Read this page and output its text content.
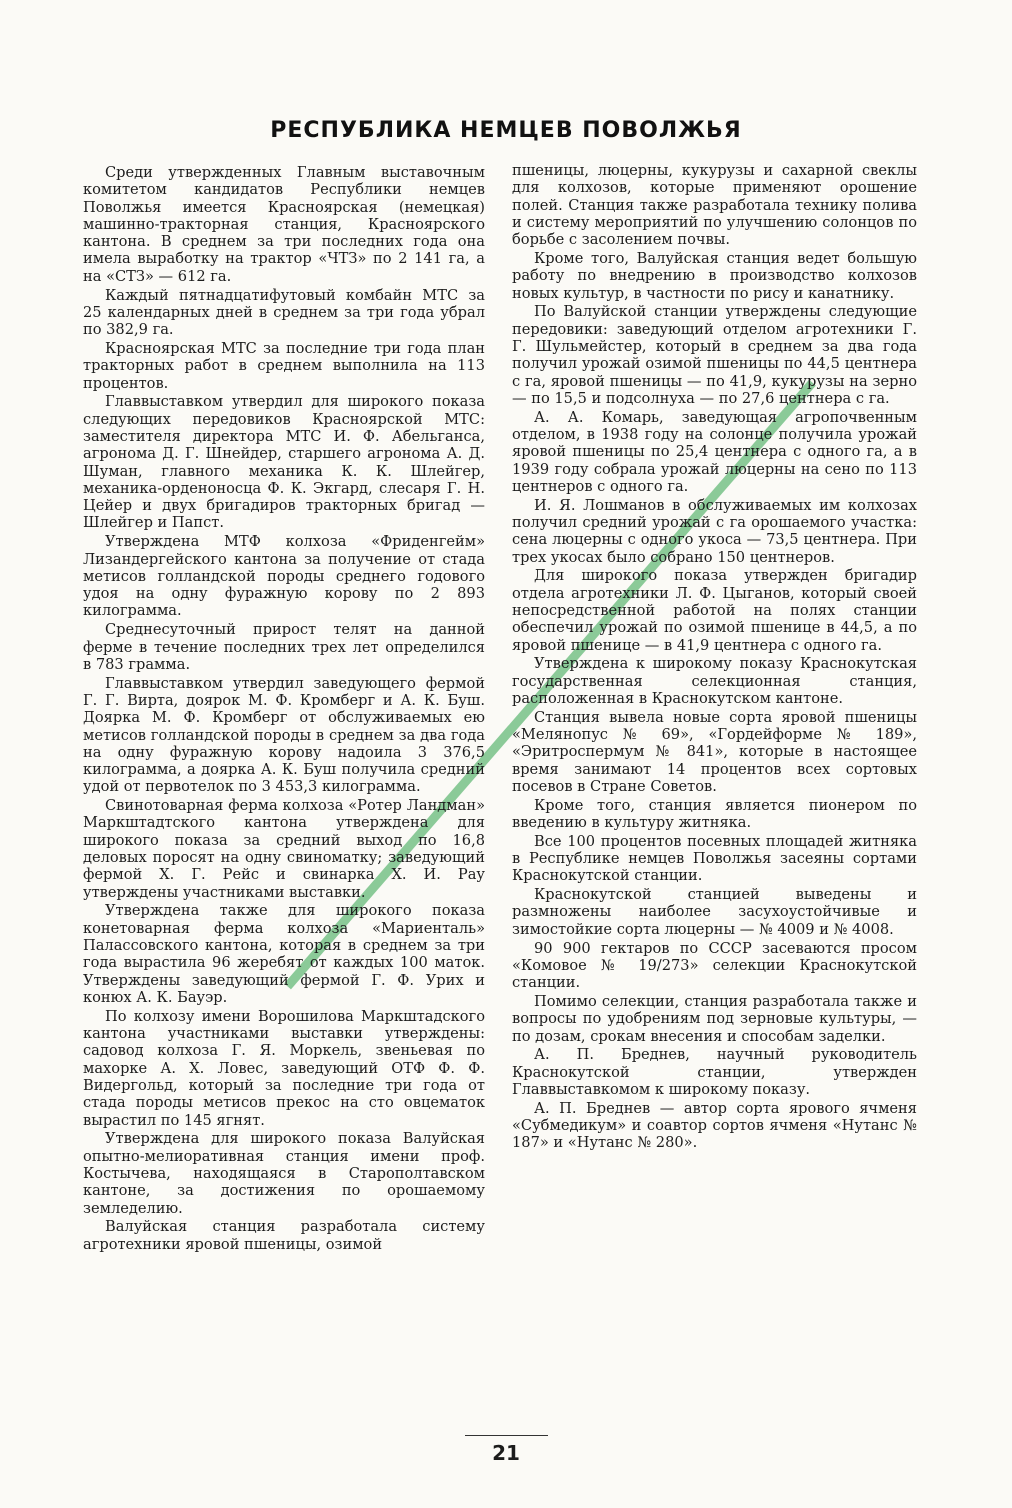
РЕСПУБЛИКА НЕМЦЕВ ПОВОЛЖЬЯ

Среди утвержденных Главным выставочным комитетом кандидатов Республики немцев Поволжья имеется Красноярская (немецкая) машинно-тракторная станция, Красноярского кантона. В среднем за три последних года она имела выработку на трактор «ЧТЗ» по 2 141 га, а на «СТЗ» — 612 га.

Каждый пятнадцатифутовый комбайн МТС за 25 календарных дней в среднем за три года убрал по 382,9 га.

Красноярская МТС за последние три года план тракторных работ в среднем выполнила на 113 процентов.

Главвыставком утвердил для широкого показа следующих передовиков Красноярской МТС: заместителя директора МТС И. Ф. Абельганса, агронома Д. Г. Шнейдер, старшего агронома А. Д. Шуман, главного механика К. К. Шлейгер, механика-орденоносца Ф. К. Экгард, слесаря Г. Н. Цейер и двух бригадиров тракторных бригад — Шлейгер и Папст.

Утверждена МТФ колхоза «Фриденгейм» Лизандергейского кантона за получение от стада метисов голландской породы среднего годового удоя на одну фуражную корову по 2 893 килограмма.

Среднесуточный прирост телят на данной ферме в течение последних трех лет определился в 783 грамма.

Главвыставком утвердил заведующего фермой Г. Г. Вирта, доярок М. Ф. Кромберг и А. К. Буш. Доярка М. Ф. Кромберг от обслуживаемых ею метисов голландской породы в среднем за два года на одну фуражную корову надоила 3 376,5 килограмма, а доярка А. К. Буш получила средний удой от первотелок по 3 453,3 килограмма.

Свинотоварная ферма колхоза «Ротер Ландман» Маркштадтского кантона утверждена для широкого показа за средний выход по 16,8 деловых поросят на одну свиноматку; заведующий фермой Х. Г. Рейс и свинарка Х. И. Рау утверждены участниками выставки.

Утверждена также для широкого показа конетоварная ферма колхоза «Мариенталь» Палассовского кантона, которая в среднем за три года вырастила 96 жеребят от каждых 100 маток. Утверждены заведующий фермой Г. Ф. Урих и конюх А. К. Бауэр.

По колхозу имени Ворошилова Маркштадского кантона участниками выставки утверждены: садовод колхоза Г. Я. Моркель, звеньевая по махорке А. Х. Ловес, заведующий ОТФ Ф. Ф. Видергольд, который за последние три года от стада породы метисов прекос на сто овцематок вырастил по 145 ягнят.

Утверждена для широкого показа Валуйская опытно-мелиоративная станция имени проф. Костычева, находящаяся в Старополтавском кантоне, за достижения по орошаемому земледелию.

Валуйская станция разработала систему агротехники яровой пшеницы, озимой

пшеницы, люцерны, кукурузы и сахарной свеклы для колхозов, которые применяют орошение полей. Станция также разработала технику полива и систему мероприятий по улучшению солонцов по борьбе с засолением почвы.

Кроме того, Валуйская станция ведет большую работу по внедрению в производство колхозов новых культур, в частности по рису и канатнику.

По Валуйской станции утверждены следующие передовики: заведующий отделом агротехники Г. Г. Шульмейстер, который в среднем за два года получил урожай озимой пшеницы по 44,5 центнера с га, яровой пшеницы — по 41,9, кукурузы на зерно — по 15,5 и подсолнуха — по 27,6 центнера с га.

А. А. Комарь, заведующая агропочвенным отделом, в 1938 году на солонце получила урожай яровой пшеницы по 25,4 центнера с одного га, а в 1939 году собрала урожай люцерны на сено по 113 центнеров с одного га.

И. Я. Лошманов в обслуживаемых им колхозах получил средний урожай с га орошаемого участка: сена люцерны с одного укоса — 73,5 центнера. При трех укосах было собрано 150 центнеров.

Для широкого показа утвержден бригадир отдела агротехники Л. Ф. Цыганов, который своей непосредственной работой на полях станции обеспечил урожай по озимой пшенице в 44,5, а по яровой пшенице — в 41,9 центнера с одного га.

Утверждена к широкому показу Краснокутская государственная селекционная станция, расположенная в Краснокутском кантоне.

Станция вывела новые сорта яровой пшеницы «Мелянопус № 69», «Гордейформе № 189», «Эритроспермум № 841», которые в настоящее время занимают 14 процентов всех сортовых посевов в Стране Советов.

Кроме того, станция является пионером по введению в культуру житняка.

Все 100 процентов посевных площадей житняка в Республике немцев Поволжья засеяны сортами Краснокутской станции.

Краснокутской станцией выведены и размножены наиболее засухоустойчивые и зимостойкие сорта люцерны — № 4009 и № 4008.

90 900 гектаров по СССР засеваются просом «Комовое № 19/273» селекции Краснокутской станции.

Помимо селекции, станция разработала также и вопросы по удобрениям под зерновые культуры, — по дозам, срокам внесения и способам заделки.

А. П. Бреднев, научный руководитель Краснокутской станции, утвержден Главвыставкомом к широкому показу.

А. П. Бреднев — автор сорта ярового ячменя «Субмедикум» и соавтор сортов ячменя «Нутанс № 187» и «Нутанс № 280».

21
